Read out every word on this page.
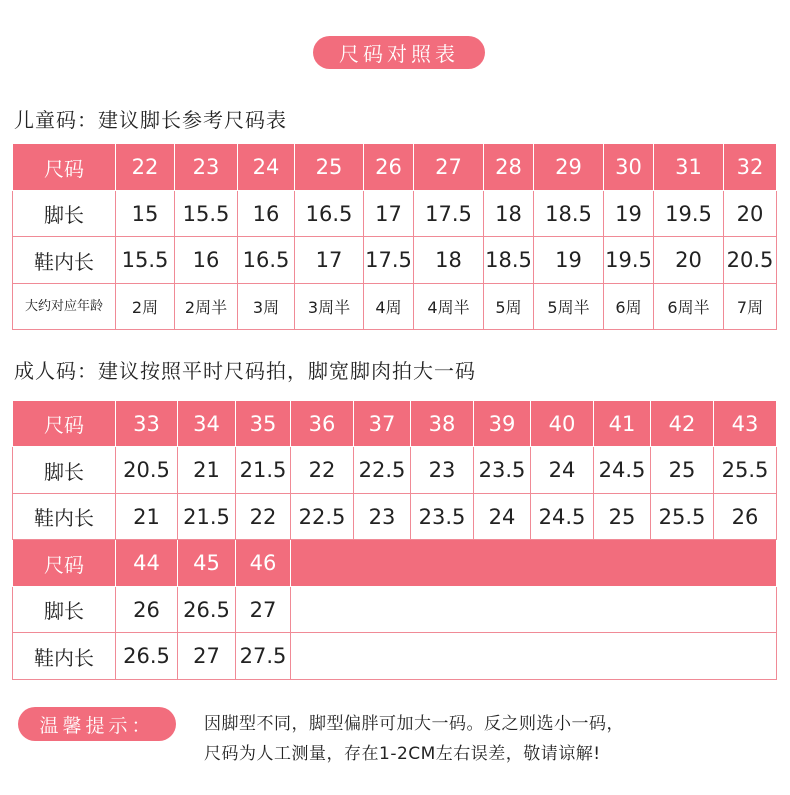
尺码对照表
儿童码：建议脚长参考尺码表
尺码	22	23	24	25	26	27	28	29	30	31	32
脚长	15	15.5	16	16.5	17	17.5	18	18.5	19	19.5	20
鞋内长	15.5	16	16.5	17	17.5	18	18.5	19	19.5	20	20.5
大约对应年龄	2周	2周半	3周	3周半	4周	4周半	5周	5周半	6周	6周半	7周
成人码：建议按照平时尺码拍，脚宽脚肉拍大一码
尺码	33	34	35	36	37	38	39	40	41	42	43
脚长	20.5	21	21.5	22	22.5	23	23.5	24	24.5	25	25.5
鞋内长	21	21.5	22	22.5	23	23.5	24	24.5	25	25.5	26
尺码	44	45	46								
脚长	26	26.5	27								
鞋内长	26.5	27	27.5								
温馨提示：	因脚型不同，脚型偏胖可加大一码。反之则选小一码，
尺码为人工测量，存在1-2CM左右误差，敬请谅解!
